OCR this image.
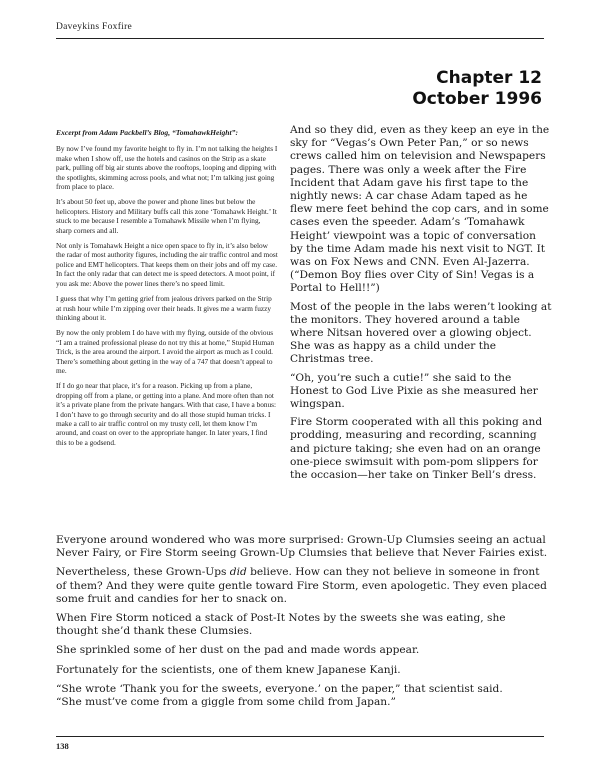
Daveykins Foxfire
Chapter 12
October 1996

Excerpt from Adam Packbell’s Blog, “TomahawkHeight”:

By now I’ve found my favorite height to fly in. I’m not talking the heights I make when I show off, use the hotels and casinos on the Strip as a skate park, pulling off big air stunts above the rooftops, looping and dipping with the spotlights, skimming across pools, and what not; I’m talking just going from place to place.

It’s about 50 feet up, above the power and phone lines but below the helicopters. History and Military buffs call this zone ‘Tomahawk Height.’ It stuck to me because I resemble a Tomahawk Missile when I’m flying, sharp corners and all.

Not only is Tomahawk Height a nice open space to fly in, it’s also below the radar of most authority figures, including the air traffic control and most police and EMT helicopters. That keeps them on their jobs and off my case. In fact the only radar that can detect me is speed detectors. A moot point, if you ask me: Above the power lines there’s no speed limit.

I guess that why I’m getting grief from jealous drivers parked on the Strip at rush hour while I’m zipping over their heads. It gives me a warm fuzzy thinking about it.

By now the only problem I do have with my flying, outside of the obvious “I am a trained professional please do not try this at home,” Stupid Human Trick, is the area around the airport. I avoid the airport as much as I could. There’s something about getting in the way of a 747 that doesn’t appeal to me.

If I do go near that place, it’s for a reason. Picking up from a plane, dropping off from a plane, or getting into a plane. And more often than not it’s a private plane from the private hangars. With that case, I have a bonus: I don’t have to go through security and do all those stupid human tricks. I make a call to air traffic control on my trusty cell, let them know I’m around, and coast on over to the appropriate hanger. In later years, I find this to be a godsend.

And so they did, even as they keep an eye in the sky for “Vegas’s Own Peter Pan,” or so news crews called him on television and Newspapers pages. There was only a week after the Fire Incident that Adam gave his first tape to the nightly news: A car chase Adam taped as he flew mere feet behind the cop cars, and in some cases even the speeder. Adam’s ‘Tomahawk Height’ viewpoint was a topic of conversation by the time Adam made his next visit to NGT. It was on Fox News and CNN. Even Al-Jazerra. (“Demon Boy flies over City of Sin! Vegas is a Portal to Hell!!”)

Most of the people in the labs weren’t looking at the monitors. They hovered around a table where Nitsan hovered over a glowing object. She was as happy as a child under the Christmas tree.

“Oh, you’re such a cutie!” she said to the Honest to God Live Pixie as she measured her wingspan.

Fire Storm cooperated with all this poking and prodding, measuring and recording, scanning and picture taking; she even had on an orange one-piece swimsuit with pom-pom slippers for the occasion—her take on Tinker Bell’s dress.

Everyone around wondered who was more surprised: Grown-Up Clumsies seeing an actual Never Fairy, or Fire Storm seeing Grown-Up Clumsies that believe that Never Fairies exist.

Nevertheless, these Grown-Ups did believe. How can they not believe in someone in front of them? And they were quite gentle toward Fire Storm, even apologetic. They even placed some fruit and candies for her to snack on.

When Fire Storm noticed a stack of Post-It Notes by the sweets she was eating, she thought she’d thank these Clumsies.

She sprinkled some of her dust on the pad and made words appear.

Fortunately for the scientists, one of them knew Japanese Kanji.

“She wrote ‘Thank you for the sweets, everyone.’ on the paper,” that scientist said.
“She must’ve come from a giggle from some child from Japan.”

138
